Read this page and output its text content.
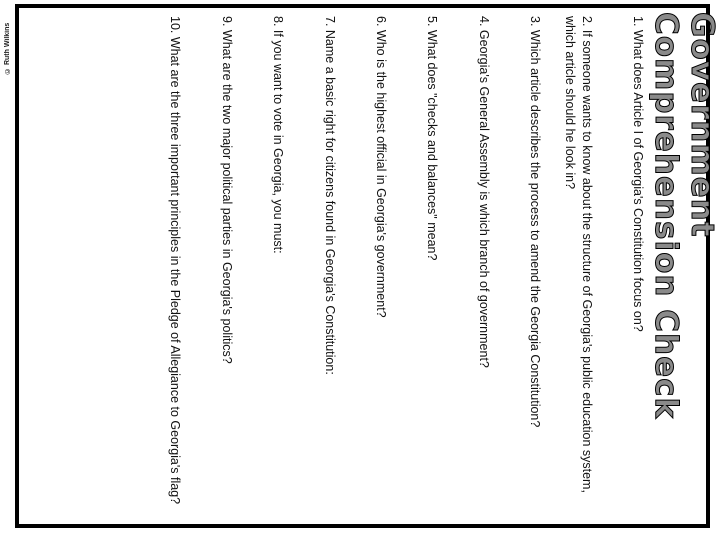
© Ruth Wilkins	Government Comprehension Check
1. What does Article I of Georgia's Constitution focus on?
2. If someone wants to know about the structure of Georgia's public education system, which article should he look in?
3. Which article describes the process to amend the Georgia Constitution?
4. Georgia's General Assembly is which branch of government?
5. What does "checks and balances" mean?
6. Who is the highest official in Georgia's government?
7. Name a basic right for citizens found in Georgia's Constitution:
8. If you want to vote in Georgia, you must:
9. What are the two major political parties in Georgia's politics?
10. What are the three important principles in the Pledge of Allegiance to Georgia's flag?
